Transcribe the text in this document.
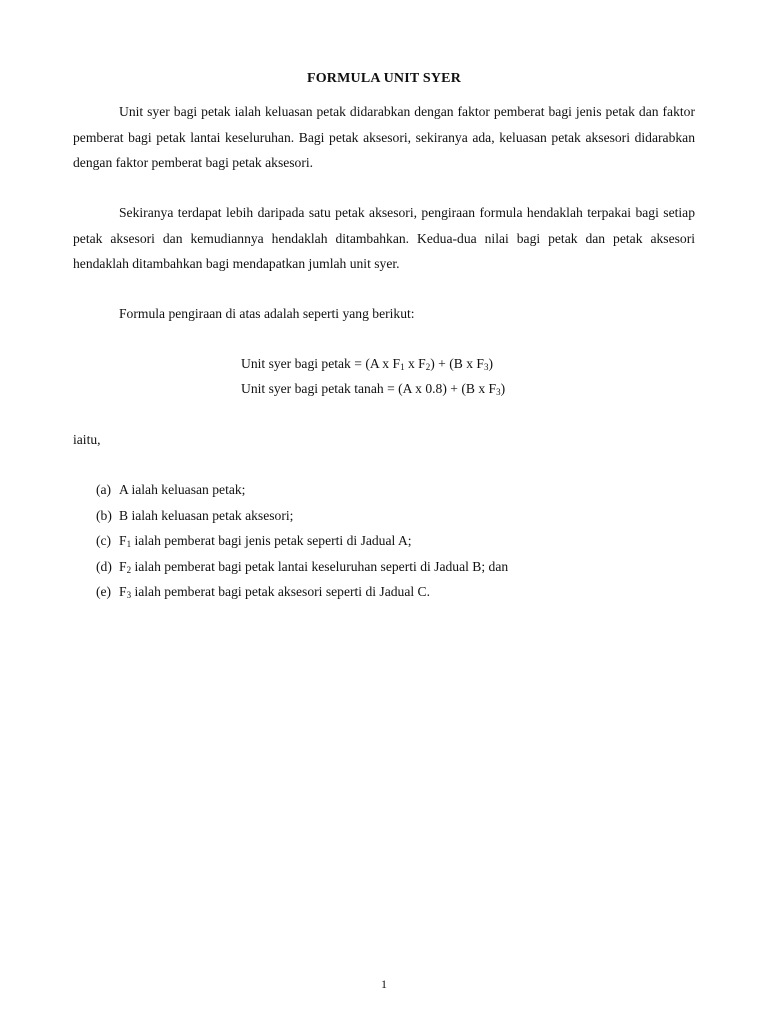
FORMULA UNIT SYER

Unit syer bagi petak ialah keluasan petak didarabkan dengan faktor pemberat bagi jenis petak dan faktor pemberat bagi petak lantai keseluruhan. Bagi petak aksesori, sekiranya ada, keluasan petak aksesori didarabkan dengan faktor pemberat bagi petak aksesori.

Sekiranya terdapat lebih daripada satu petak aksesori, pengiraan formula hendaklah terpakai bagi setiap petak aksesori dan kemudiannya hendaklah ditambahkan. Kedua-dua nilai bagi petak dan petak aksesori hendaklah ditambahkan bagi mendapatkan jumlah unit syer.

Formula pengiraan di atas adalah seperti yang berikut:

Unit syer bagi petak = (A x $F_1$ x $F_2) + (B$ x $F_3$)
Unit syer bagi petak tanah = (A x 0.8) + (B x $F_3$)
iaitu,
(a) A ialah keluasan petak;
(b) B ialah keluasan petak aksesori;
(c) $F_1$ ialah pemberat bagi jenis petak seperti di Jadual A;
(d) $F_2$ ialah pemberat bagi petak lantai keseluruhan seperti di Jadual B; dan
(e) $F_3$ ialah pemberat bagi petak aksesori seperti di Jadual C.
1
